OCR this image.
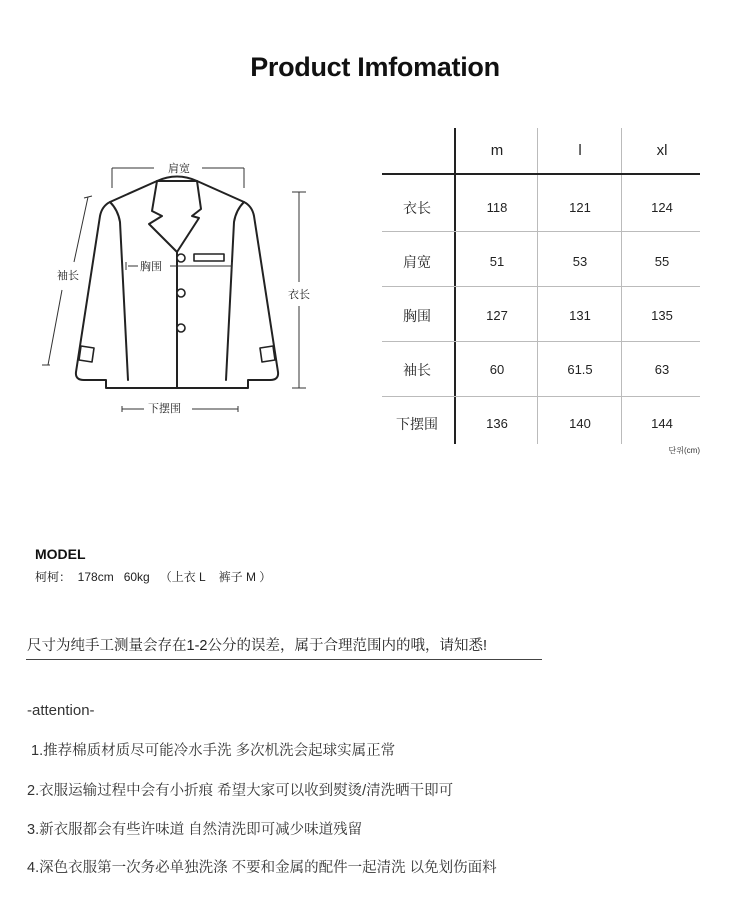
Product Imfomation
肩宽
袖长
胸围
衣长
下摆围
m	l	xl
衣长	118	121	124
肩宽	51	53	55
胸围	127	131	135
袖长	60	61.5	63
下摆围	136	140	144
단위(cm)
MODEL
柯柯：  178cm   60kg   （上衣 L    裤子 M ）
尺寸为纯手工测量会存在1-2公分的误差，属于合理范围内的哦，请知悉!
-attention-
1.推荐棉质材质尽可能冷水手洗 多次机洗会起球实属正常
2.衣服运输过程中会有小折痕 希望大家可以收到熨烫/清洗晒干即可
3.新衣服都会有些许味道 自然清洗即可减少味道残留
4.深色衣服第一次务必单独洗涤 不要和金属的配件一起清洗 以免划伤面料
